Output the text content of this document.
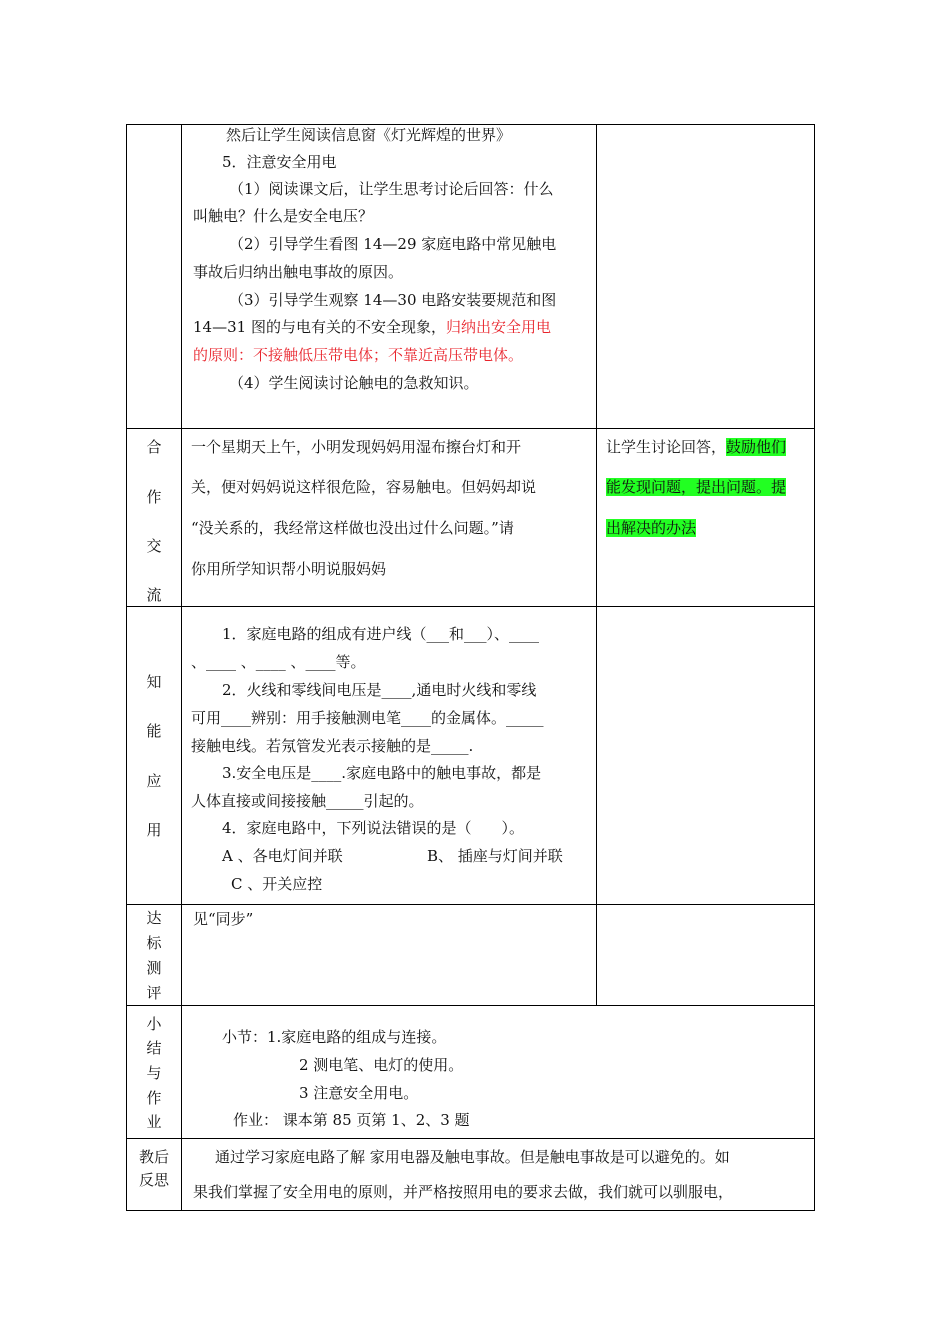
然后让学生阅读信息窗《灯光辉煌的世界》
5．注意安全用电
（1）阅读课文后，让学生思考讨论后回答：什么
叫触电？什么是安全电压？
（2）引导学生看图 14—29 家庭电路中常见触电
事故后归纳出触电事故的原因。
（3）引导学生观察 14—30 电路安装要规范和图
14—31 图的与电有关的不安全现象，归纳出安全用电
的原则：不接触低压带电体；不靠近高压带电体。
（4）学生阅读讨论触电的急救知识。
合
作
交
流
一个星期天上午，小明发现妈妈用湿布擦台灯和开
关，便对妈妈说这样很危险，容易触电。但妈妈却说
“没关系的，我经常这样做也没出过什么问题。”请
你用所学知识帮小明说服妈妈
让学生讨论回答，鼓励他们
能发现问题，提出问题。提
出解决的办法
知
能
应
用
1．家庭电路的组成有进户线（___和___）、____
、____ 、____ 、____等。
2．火线和零线间电压是____,通电时火线和零线
可用____辨别：用手接触测电笔____的金属体。_____
接触电线。若氖管发光表示接触的是_____.
3.安全电压是____.家庭电路中的触电事故，都是
人体直接或间接接触_____引起的。
4．家庭电路中，下列说法错误的是（　　）。
A 、各电灯间并联	B、 插座与灯间并联
C 、开关应控
达
标
测
评
见“同步”
小
结
与
作
业
小节：1.家庭电路的组成与连接。
2 测电笔、电灯的使用。
3 注意安全用电。
作业： 课本第 85 页第 1、2、3 题
教后
反思
通过学习家庭电路了解 家用电器及触电事故。但是触电事故是可以避免的。如
果我们掌握了安全用电的原则，并严格按照用电的要求去做，我们就可以驯服电，
